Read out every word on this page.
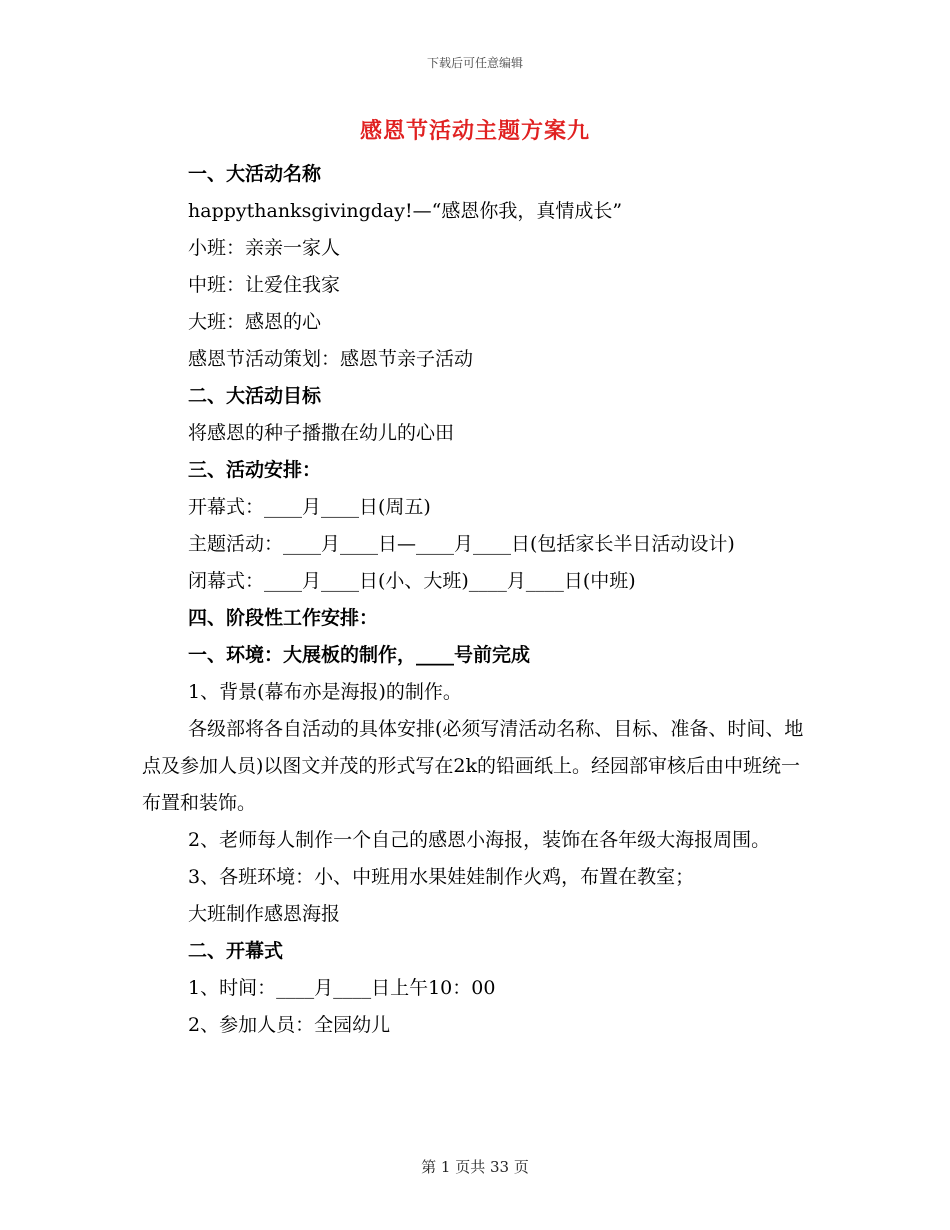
下载后可任意编辑
感恩节活动主题方案九

一、大活动名称

happythanksgivingday!—“感恩你我，真情成长”

小班：亲亲一家人

中班：让爱住我家

大班：感恩的心

感恩节活动策划：感恩节亲子活动

二、大活动目标

将感恩的种子播撒在幼儿的心田

三、活动安排：

开幕式：____月____日(周五)

主题活动：____月____日—____月____日(包括家长半日活动设计)

闭幕式：____月____日(小、大班)____月____日(中班)

四、阶段性工作安排：

一、环境：大展板的制作，____号前完成

1、背景(幕布亦是海报)的制作。

各级部将各自活动的具体安排(必须写清活动名称、目标、准备、时间、地点及参加人员)以图文并茂的形式写在2k的铅画纸上。经园部审核后由中班统一布置和装饰。

2、老师每人制作一个自己的感恩小海报，装饰在各年级大海报周围。

3、各班环境：小、中班用水果娃娃制作火鸡，布置在教室；

大班制作感恩海报

二、开幕式

1、时间：____月____日上午10：00

2、参加人员：全园幼儿

第 1 页共 33 页
